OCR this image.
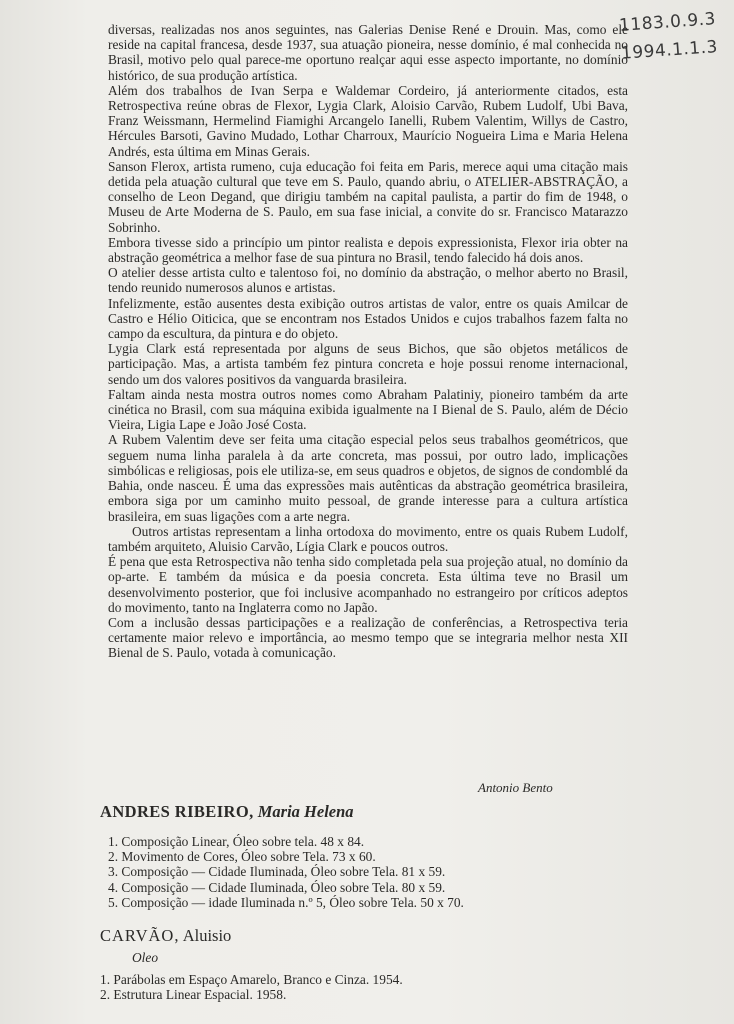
1183.0.9.3
1994.1.1.3

diversas, realizadas nos anos seguintes, nas Galerias Denise René e Drouin. Mas, como ele reside na capital francesa, desde 1937, sua atuação pioneira, nesse domínio, é mal conhecida no Brasil, motivo pelo qual parece-me oportuno realçar aqui esse aspecto importante, no domínio histórico, de sua produção artística.

Além dos trabalhos de Ivan Serpa e Waldemar Cordeiro, já anteriormente citados, esta Retrospectiva reúne obras de Flexor, Lygia Clark, Aloisio Carvão, Rubem Ludolf, Ubi Bava, Franz Weissmann, Hermelind Fiamighi Arcangelo Ianelli, Rubem Valentim, Willys de Castro, Hércules Barsoti, Gavino Mudado, Lothar Charroux, Maurício Nogueira Lima e Maria Helena Andrés, esta última em Minas Gerais.

Sanson Flerox, artista rumeno, cuja educação foi feita em Paris, merece aqui uma citação mais detida pela atuação cultural que teve em S. Paulo, quando abriu, o ATELIER-ABSTRAÇÃO, a conselho de Leon Degand, que dirigiu também na capital paulista, a partir do fim de 1948, o Museu de Arte Moderna de S. Paulo, em sua fase inicial, a convite do sr. Francisco Matarazzo Sobrinho.

Embora tivesse sido a princípio um pintor realista e depois expressionista, Flexor iria obter na abstração geométrica a melhor fase de sua pintura no Brasil, tendo falecido há dois anos.

O atelier desse artista culto e talentoso foi, no domínio da abstração, o melhor aberto no Brasil, tendo reunido numerosos alunos e artistas.

Infelizmente, estão ausentes desta exibição outros artistas de valor, entre os quais Amilcar de Castro e Hélio Oiticica, que se encontram nos Estados Unidos e cujos trabalhos fazem falta no campo da escultura, da pintura e do objeto.

Lygia Clark está representada por alguns de seus Bichos, que são objetos metálicos de participação. Mas, a artista também fez pintura concreta e hoje possui renome internacional, sendo um dos valores positivos da vanguarda brasileira.

Faltam ainda nesta mostra outros nomes como Abraham Palatiniy, pioneiro também da arte cinética no Brasil, com sua máquina exibida igualmente na I Bienal de S. Paulo, além de Décio Vieira, Ligia Lape e João José Costa.

A Rubem Valentim deve ser feita uma citação especial pelos seus trabalhos geométricos, que seguem numa linha paralela à da arte concreta, mas possui, por outro lado, implicações simbólicas e religiosas, pois ele utiliza-se, em seus quadros e objetos, de signos de condomblé da Bahia, onde nasceu. É uma das expressões mais autênticas da abstração geométrica brasileira, embora siga por um caminho muito pessoal, de grande interesse para a cultura artística brasileira, em suas ligações com a arte negra.

Outros artistas representam a linha ortodoxa do movimento, entre os quais Rubem Ludolf, também arquiteto, Aluisio Carvão, Lígia Clark e poucos outros.

É pena que esta Retrospectiva não tenha sido completada pela sua projeção atual, no domínio da op-arte. E também da música e da poesia concreta. Esta última teve no Brasil um desenvolvimento posterior, que foi inclusive acompanhado no estrangeiro por críticos adeptos do movimento, tanto na Inglaterra como no Japão.

Com a inclusão dessas participações e a realização de conferências, a Retrospectiva teria certamente maior relevo e importância, ao mesmo tempo que se integraria melhor nesta XII Bienal de S. Paulo, votada à comunicação.

Antonio Bento
ANDRES RIBEIRO, Maria Helena
1. Composição Linear, Óleo sobre tela. 48 x 84.
2. Movimento de Cores, Óleo sobre Tela. 73 x 60.
3. Composição — Cidade Iluminada, Óleo sobre Tela. 81 x 59.
4. Composição — Cidade Iluminada, Óleo sobre Tela. 80 x 59.
5. Composição — idade Iluminada n.º 5, Óleo sobre Tela. 50 x 70.
CARVÃO, Aluisio
Oleo
1. Parábolas em Espaço Amarelo, Branco e Cinza. 1954.
2. Estrutura Linear Espacial. 1958.
